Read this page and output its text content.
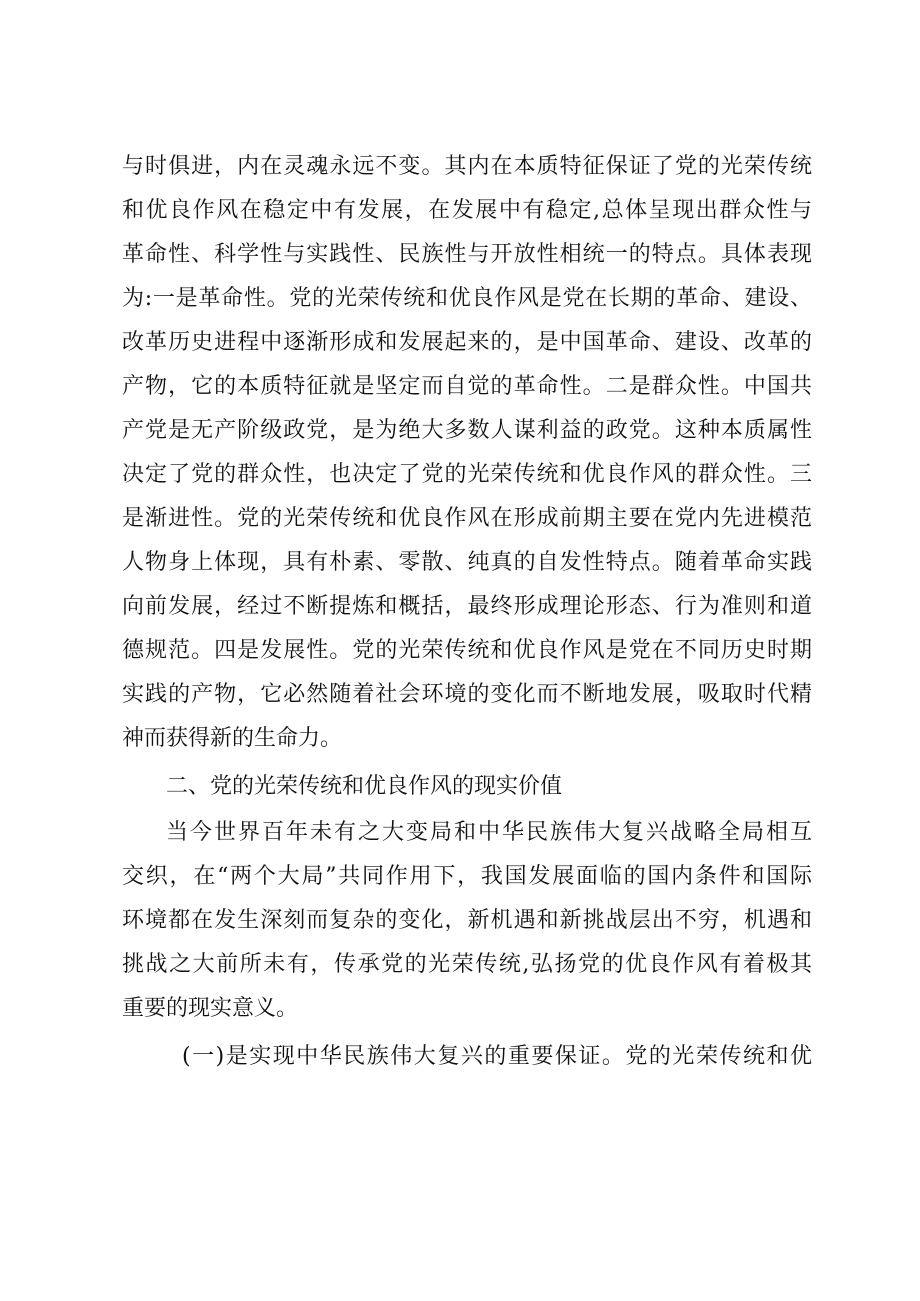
与时俱进，内在灵魂永远不变。其内在本质特征保证了党的光荣传统
和优良作风在稳定中有发展，在发展中有稳定,总体呈现出群众性与
革命性、科学性与实践性、民族性与开放性相统一的特点。具体表现
为:一是革命性。党的光荣传统和优良作风是党在长期的革命、建设、
改革历史进程中逐渐形成和发展起来的，是中国革命、建设、改革的
产物，它的本质特征就是坚定而自觉的革命性。二是群众性。中国共
产党是无产阶级政党，是为绝大多数人谋利益的政党。这种本质属性
决定了党的群众性，也决定了党的光荣传统和优良作风的群众性。三
是渐进性。党的光荣传统和优良作风在形成前期主要在党内先进模范
人物身上体现，具有朴素、零散、纯真的自发性特点。随着革命实践
向前发展，经过不断提炼和概括，最终形成理论形态、行为准则和道
德规范。四是发展性。党的光荣传统和优良作风是党在不同历史时期
实践的产物，它必然随着社会环境的变化而不断地发展，吸取时代精
神而获得新的生命力。
二、党的光荣传统和优良作风的现实价值
当今世界百年未有之大变局和中华民族伟大复兴战略全局相互
交织，在“两个大局”共同作用下，我国发展面临的国内条件和国际
环境都在发生深刻而复杂的变化，新机遇和新挑战层出不穷，机遇和
挑战之大前所未有，传承党的光荣传统,弘扬党的优良作风有着极其
重要的现实意义。
(一)是实现中华民族伟大复兴的重要保证。党的光荣传统和优
